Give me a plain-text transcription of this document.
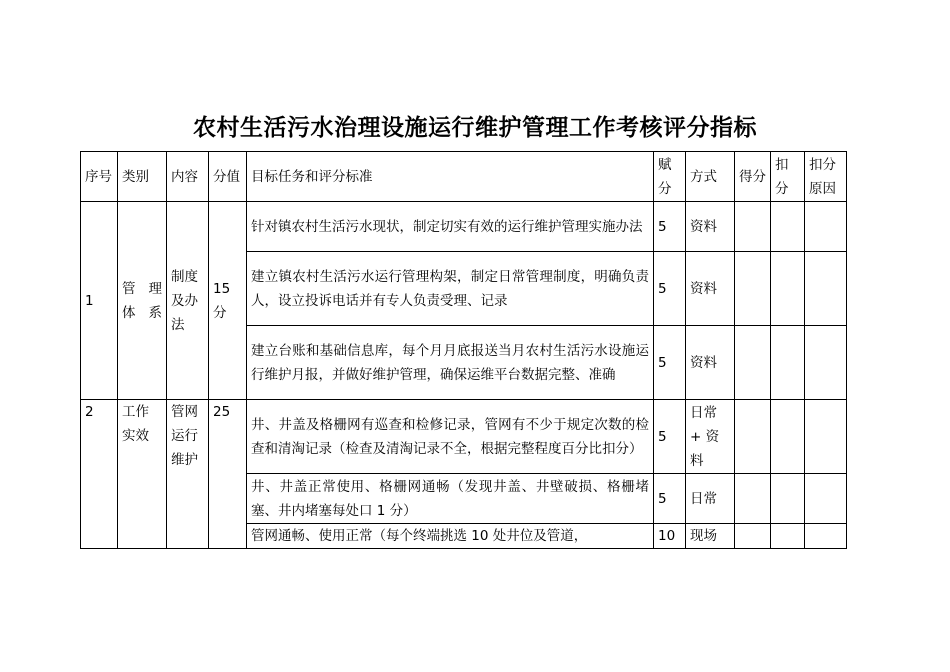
农村生活污水治理设施运行维护管理工作考核评分指标
序号	类别	内容	分值	目标任务和评分标准	赋分	方式	得分	扣分	扣分原因
1	管 理体系	制度及办法	15 分	针对镇农村生活污水现状，制定切实有效的运行维护管理实施办法	5	资料			
				建立镇农村生活污水运行管理构架，制定日常管理制度，明确负责人，设立投诉电话并有专人负责受理、记录	5	资料			
				建立台账和基础信息库，每个月月底报送当月农村生活污水设施运行维护月报，并做好维护管理，确保运维平台数据完整、准确	5	资料			
2	工作实效	管网运行维护	25	井、井盖及格栅网有巡查和检修记录，管网有不少于规定次数的检查和清淘记录（检查及清淘记录不全，根据完整程度百分比扣分）	5	日常 + 资料			
				井、井盖正常使用、格栅网通畅（发现井盖、井壁破损、格栅堵塞、井内堵塞每处口 1 分）	5	日常			
				管网通畅、使用正常（每个终端挑选 10 处井位及管道，	10	现场			
